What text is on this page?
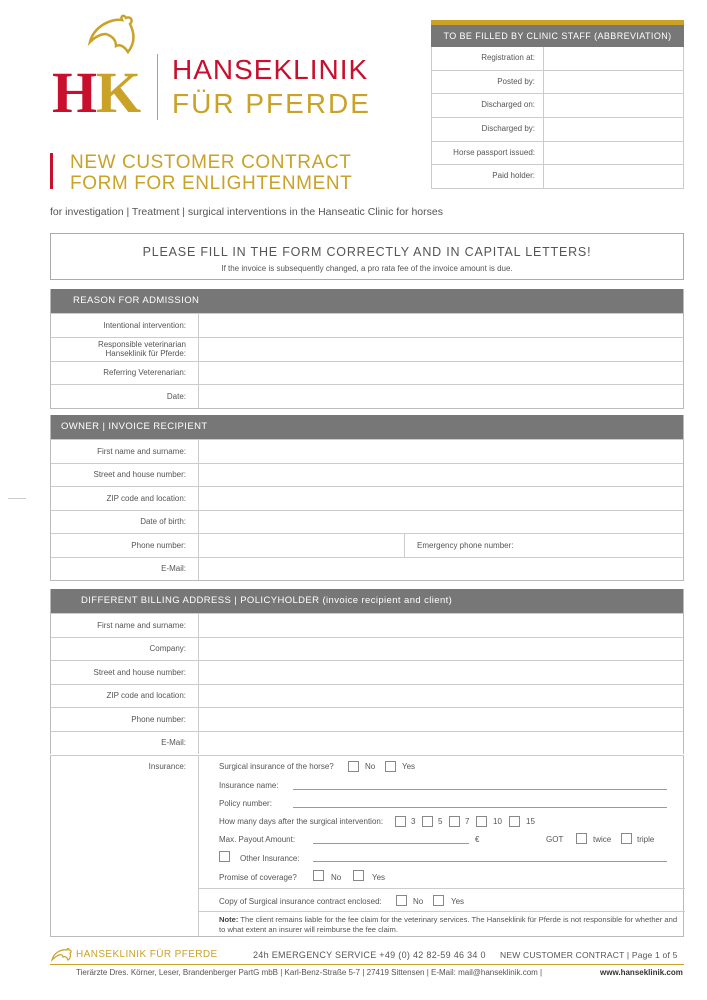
H
K HANSEKLINIK
FÜR PFERDE
TO BE FILLED BY CLINIC STAFF (ABBREVIATION)
Registration at:
Posted by:
Discharged on:
Discharged by:
Horse passport issued:
Paid holder:
NEW CUSTOMER CONTRACT
FORM FOR ENLIGHTENMENT
for investigation | Treatment | surgical interventions in the Hanseatic Clinic for horses
PLEASE FILL IN THE FORM CORRECTLY AND IN CAPITAL LETTERS!
If the invoice is subsequently changed, a pro rata fee of the invoice amount is due.
REASON FOR ADMISSION
Intentional intervention:
Responsible veterinarian
Hanseklinik für Pferde:
Referring Veterenarian:
Date:
OWNER | INVOICE RECIPIENT
First name and surname:
Street and house number:
ZIP code and location:
Date of birth:
Phone number:	Emergency phone number:
E-Mail:
DIFFERENT BILLING ADDRESS | POLICYHOLDER (invoice recipient and client)
First name and surname:
Company:
Street and house number:
ZIP code and location:
Phone number:
E-Mail:
Insurance:	Surgical insurance of the horse?	No	Yes
Insurance name:
Policy number:
How many days after the surgical intervention:	3	5	7	10	15
Max. Payout Amount:	€	GOT	twice	triple
Other Insurance:
Promise of coverage?	No	Yes
Copy of Surgical insurance contract enclosed:	No	Yes
Note: The client remains liable for the fee claim for the veterinary services. The Hanseklinik für Pferde is not responsible for whether and to what extent an insurer will reimburse the fee claim.
HANSEKLINIK FÜR PFERDE	24h EMERGENCY SERVICE +49 (0) 42 82-59 46 34 0 NEW CUSTOMER CONTRACT | Page 1 of 5
Tierärzte Dres. Körner, Leser, Brandenberger PartG mbB | Karl-Benz-Straße 5-7 | 27419 Sittensen | E-Mail: mail@hanseklinik.com |	www.hanseklinik.com
